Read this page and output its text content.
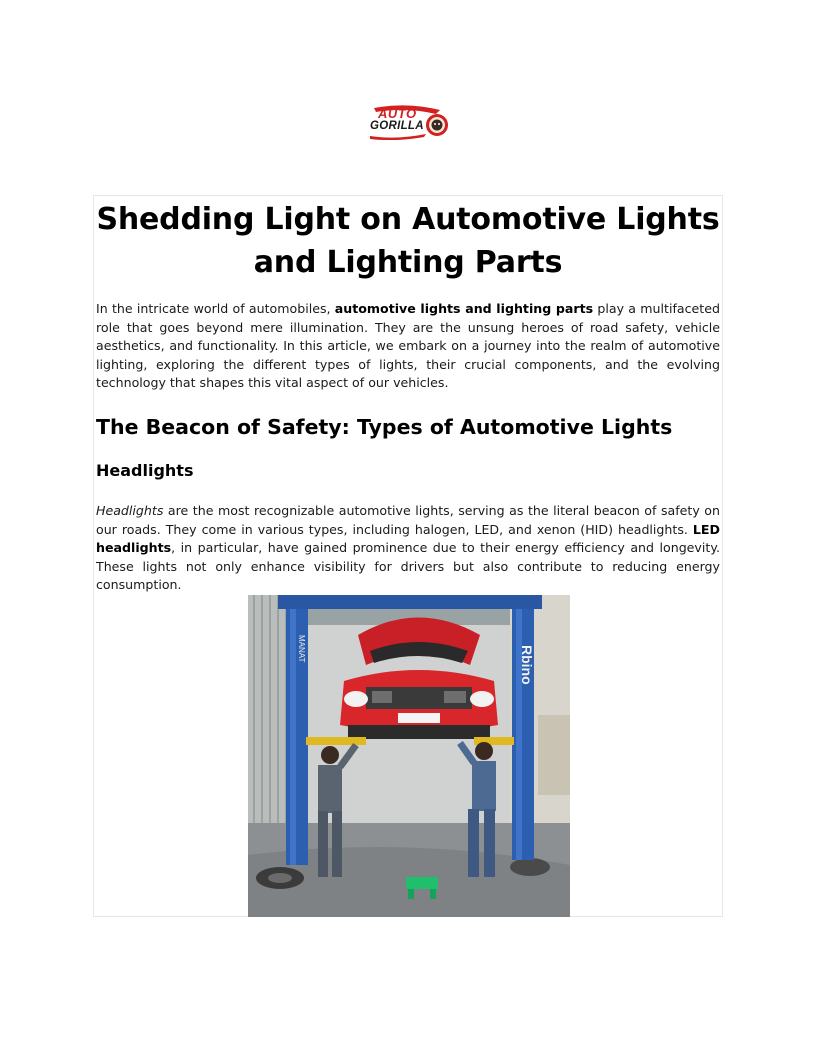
AUTO
GORILLA
Shedding Light on Automotive Lights and Lighting Parts

In the intricate world of automobiles, automotive lights and lighting parts play a multifaceted role that goes beyond mere illumination. They are the unsung heroes of road safety, vehicle aesthetics, and functionality. In this article, we embark on a journey into the realm of automotive lighting, exploring the different types of lights, their crucial components, and the evolving technology that shapes this vital aspect of our vehicles.

The Beacon of Safety: Types of Automotive Lights
Headlights

Headlights are the most recognizable automotive lights, serving as the literal beacon of safety on our roads. They come in various types, including halogen, LED, and xenon (HID) headlights. LED headlights, in particular, have gained prominence due to their energy efficiency and longevity. These lights not only enhance visibility for drivers but also contribute to reducing energy consumption.

MANAT	Rbino
